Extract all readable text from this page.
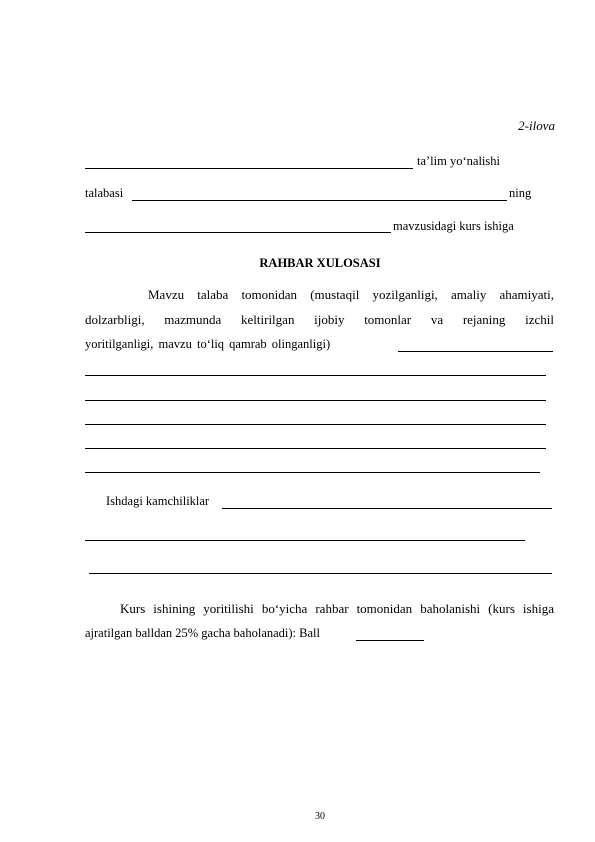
2-ilova
ta’lim yo‘nalishi
talabasi	ning
mavzusidagi kurs ishiga
RAHBAR XULOSASI
Mavzu talaba tomonidan (mustaqil yozilganligi, amaliy ahamiyati,
dolzarbligi, mazmunda keltirilgan ijobiy tomonlar va rejaning izchil
yoritilganligi, mavzu to‘liq qamrab olinganligi)
Ishdagi kamchiliklar
Kurs ishining yoritilishi bo‘yicha rahbar tomonidan baholanishi (kurs ishiga
ajratilgan balldan 25% gacha baholanadi): Ball
30
